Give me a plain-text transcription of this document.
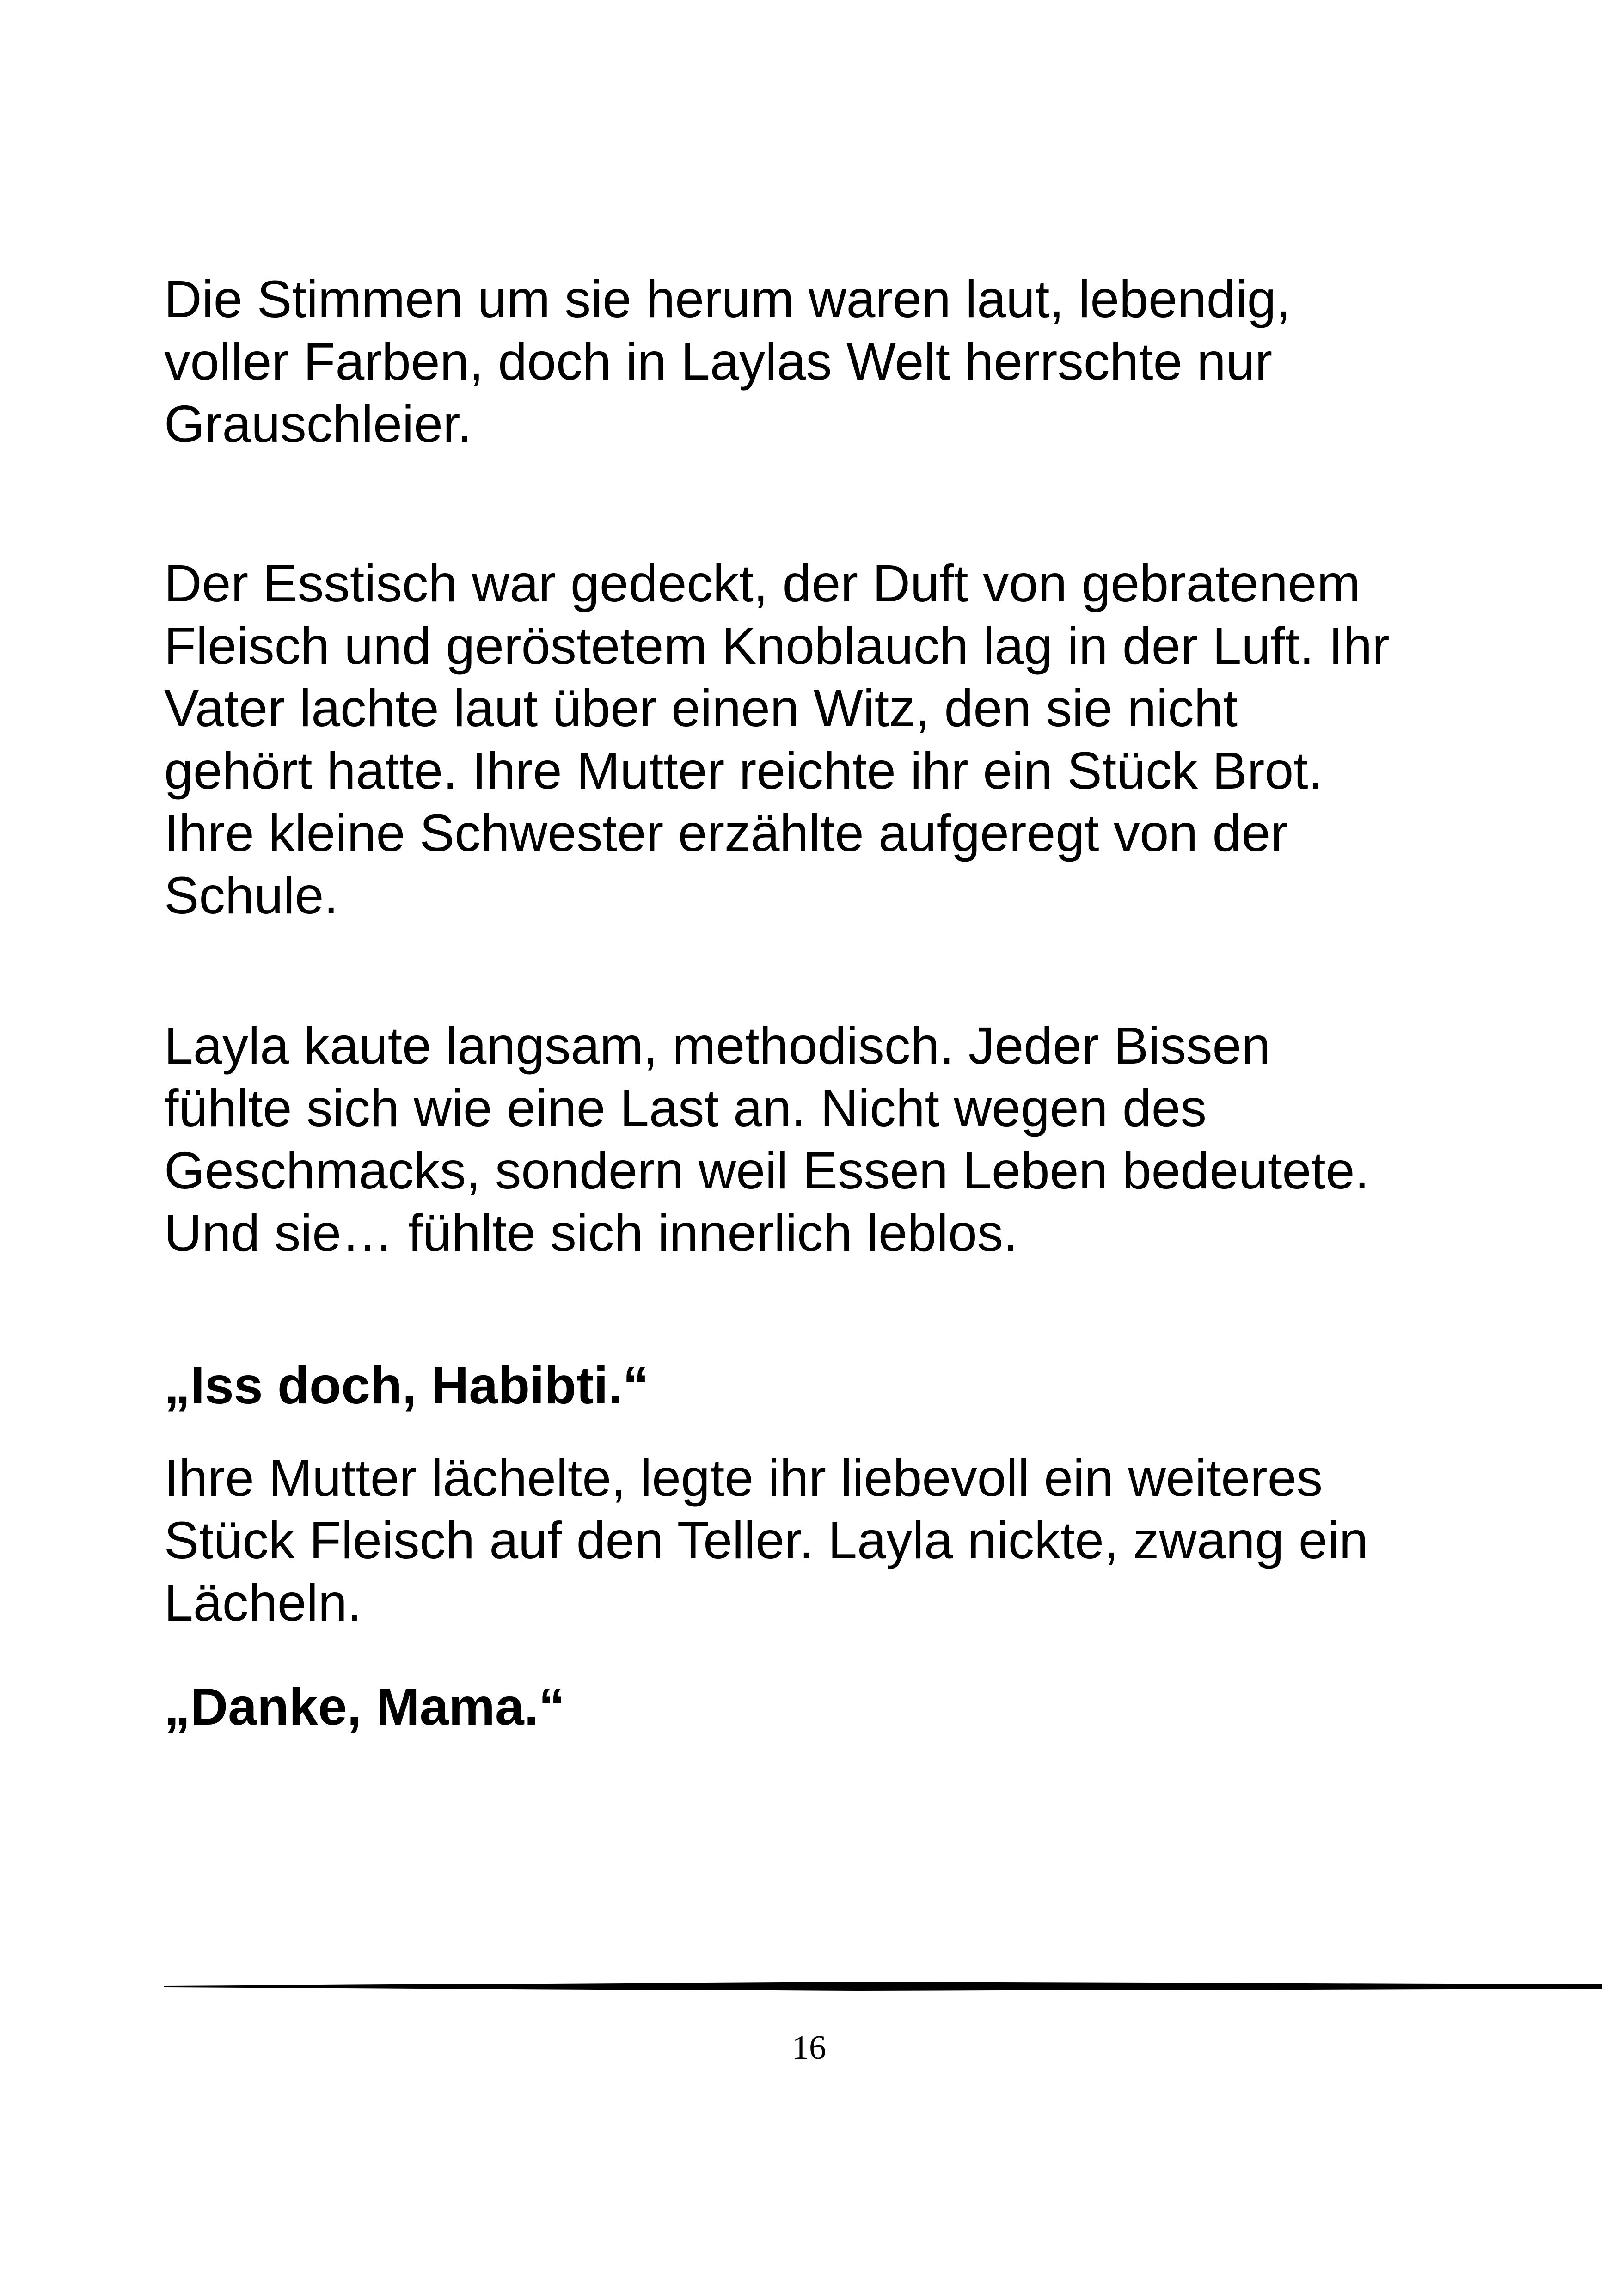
Die Stimmen um sie herum waren laut, lebendig,
voller Farben, doch in Laylas Welt herrschte nur
Grauschleier.

Der Esstisch war gedeckt, der Duft von gebratenem
Fleisch und geröstetem Knoblauch lag in der Luft. Ihr
Vater lachte laut über einen Witz, den sie nicht
gehört hatte. Ihre Mutter reichte ihr ein Stück Brot.
Ihre kleine Schwester erzählte aufgeregt von der
Schule.

Layla kaute langsam, methodisch. Jeder Bissen
fühlte sich wie eine Last an. Nicht wegen des
Geschmacks, sondern weil Essen Leben bedeutete.
Und sie… fühlte sich innerlich leblos.

„Iss doch, Habibti.“

Ihre Mutter lächelte, legte ihr liebevoll ein weiteres
Stück Fleisch auf den Teller. Layla nickte, zwang ein
Lächeln.

„Danke, Mama.“

16
